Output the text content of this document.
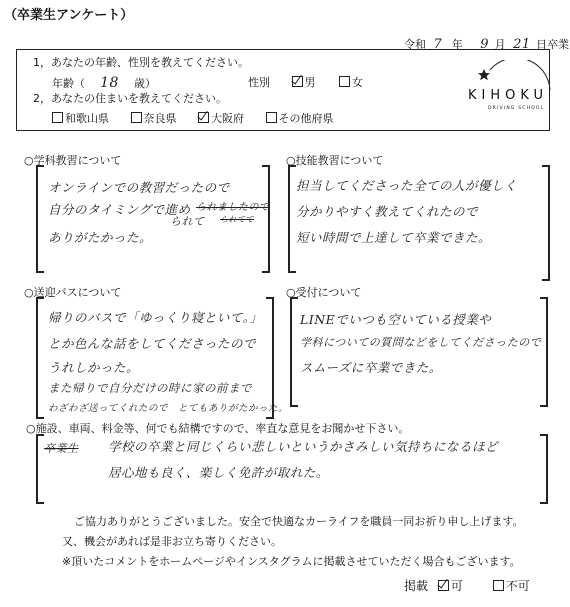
（卒業生アンケート）
令和 7 年 9 月 21 日卒業
1，あなたの年齢、性別を教えてください。
年齢（ 18 歳）	性別	男	女
2，あなたの住まいを教えてください。
和歌山県	奈良県	大阪府	その他府県
KIHOKU
DRIVING SCHOOL
○学科教習について
オンラインでの教習だったので
自分のタイミングで進め られましたので
られて られてて
ありがたかった。
○技能教習について
担当してくださった全ての人が優しく
分かりやすく教えてくれたので
短い時間で上達して卒業できた。
○送迎バスについて
帰りのバスで「ゆっくり寝といて。」
とか色んな話をしてくださったので
うれしかった。
また帰りで自分だけの時に家の前まで
わざわざ送ってくれたので　とてもありがたかった。
○受付について
LINEでいつも空いている授業や
学科についての質問などをしてくださったので
スムーズに卒業できた。
○施設、車両、料金等、何でも結構ですので、率直な意見をお聞かせ下さい。
卒業生 学校の卒業と同じくらい悲しいというかさみしい気持ちになるほど
居心地も良く、楽しく免許が取れた。
ご協力ありがとうございました。安全で快適なカーライフを職員一同お祈り申し上げます。
又、機会があれば是非お立ち寄りください。
※頂いたコメントをホームページやインスタグラムに掲載させていただく場合もございます。
掲載 可	不可
